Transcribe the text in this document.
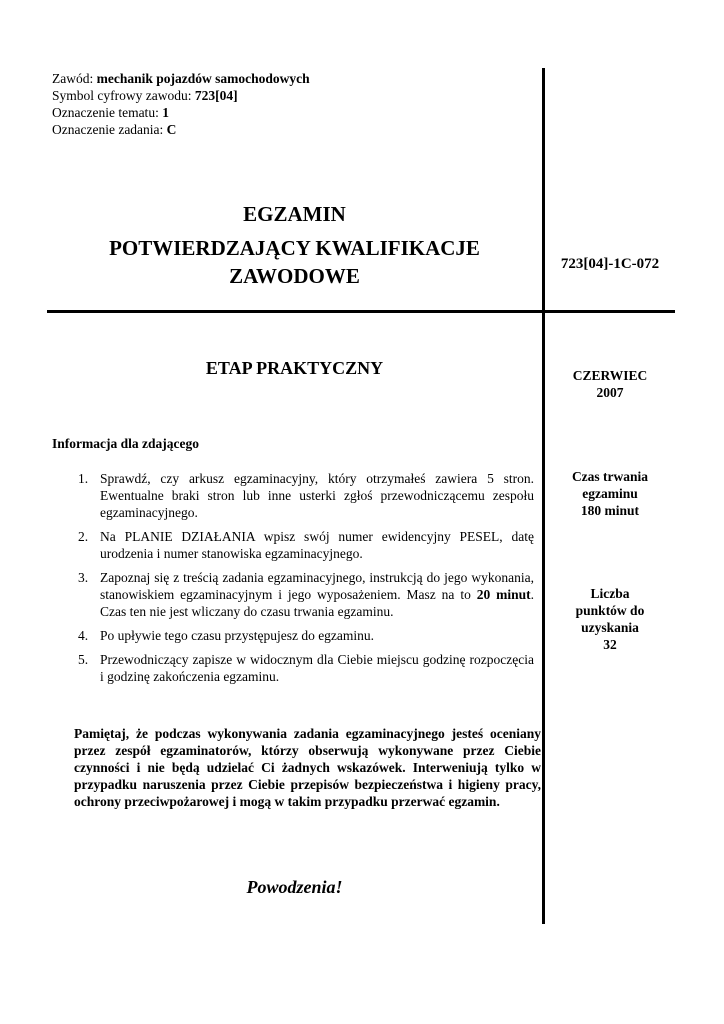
Zawód: mechanik pojazdów samochodowych
Symbol cyfrowy zawodu: 723[04]
Oznaczenie tematu: 1
Oznaczenie zadania: C
EGZAMIN
POTWIERDZAJĄCY KWALIFIKACJE
ZAWODOWE	723[04]-1C-072
ETAP PRAKTYCZNY	CZERWIEC
2007
Czas trwania
egzaminu
180 minut
Liczba
punktów do
uzyskania
32
Informacja dla zdającego
1. Sprawdź, czy arkusz egzaminacyjny, który otrzymałeś zawiera 5 stron. Ewentualne braki stron lub inne usterki zgłoś przewodniczącemu zespołu egzaminacyjnego.
2. Na PLANIE DZIAŁANIA wpisz swój numer ewidencyjny PESEL, datę urodzenia i numer stanowiska egzaminacyjnego.
3. Zapoznaj się z treścią zadania egzaminacyjnego, instrukcją do jego wykonania, stanowiskiem egzaminacyjnym i jego wyposażeniem. Masz na to 20 minut. Czas ten nie jest wliczany do czasu trwania egzaminu.
4. Po upływie tego czasu przystępujesz do egzaminu.
5. Przewodniczący zapisze w widocznym dla Ciebie miejscu godzinę rozpoczęcia i godzinę zakończenia egzaminu.
Pamiętaj, że podczas wykonywania zadania egzaminacyjnego jesteś oceniany przez zespół egzaminatorów, którzy obserwują wykonywane przez Ciebie czynności i nie będą udzielać Ci żadnych wskazówek. Interweniują tylko w przypadku naruszenia przez Ciebie przepisów bezpieczeństwa i higieny pracy, ochrony przeciwpożarowej i mogą w takim przypadku przerwać egzamin.
Powodzenia!
